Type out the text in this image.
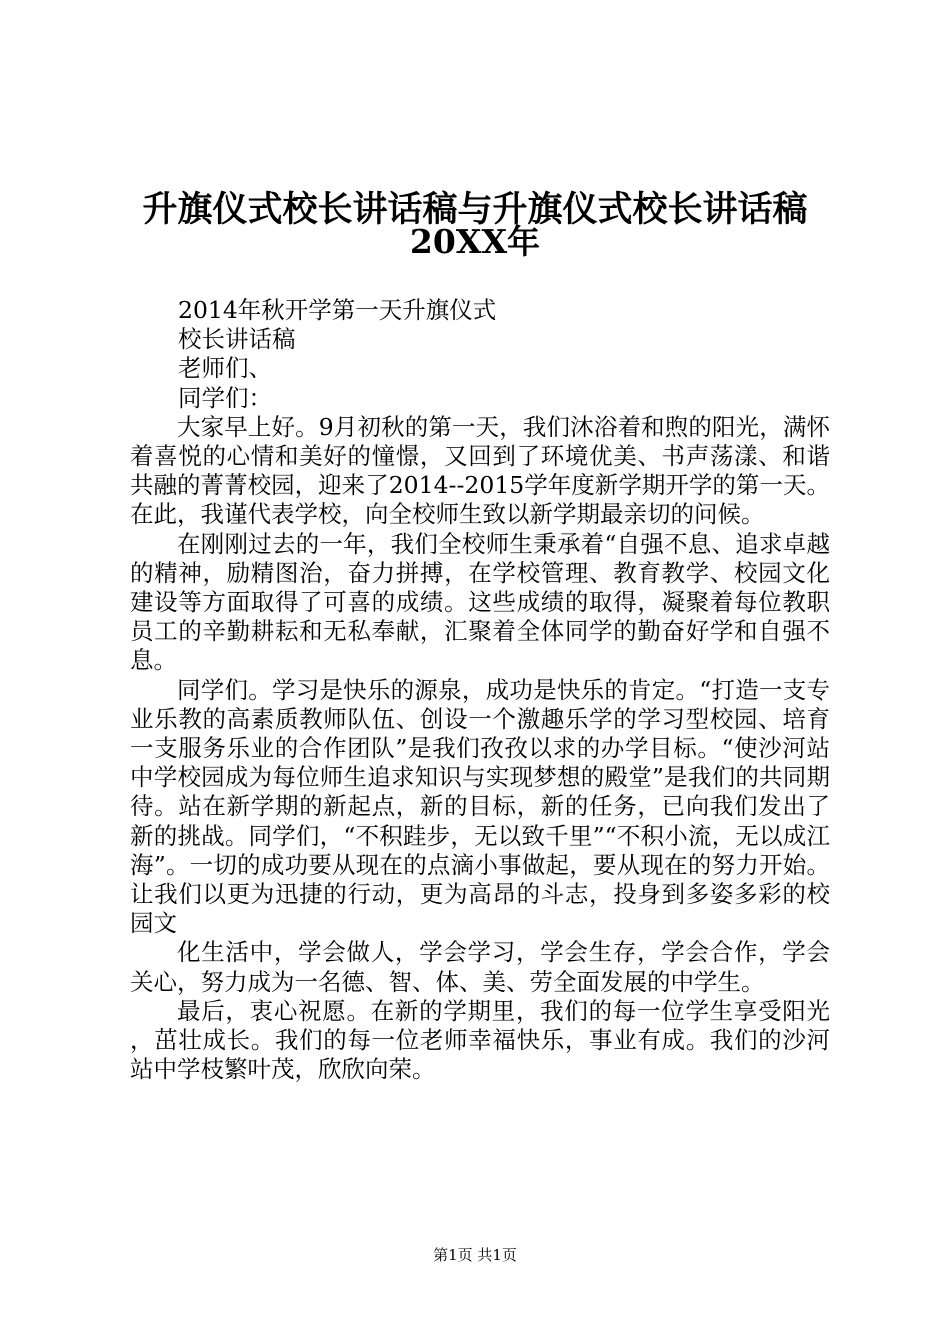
升旗仪式校长讲话稿与升旗仪式校长讲话稿
20XX年

2014年秋开学第一天升旗仪式

校长讲话稿

老师们、

同学们：

大家早上好。9月初秋的第一天，我们沐浴着和煦的阳光，满怀着喜悦的心情和美好的憧憬，又回到了环境优美、书声荡漾、和谐共融的菁菁校园，迎来了2014--2015学年度新学期开学的第一天。在此，我谨代表学校，向全校师生致以新学期最亲切的问候。

在刚刚过去的一年，我们全校师生秉承着“自强不息、追求卓越的精神，励精图治，奋力拼搏，在学校管理、教育教学、校园文化建设等方面取得了可喜的成绩。这些成绩的取得，凝聚着每位教职员工的辛勤耕耘和无私奉献，汇聚着全体同学的勤奋好学和自强不息。

同学们。学习是快乐的源泉，成功是快乐的肯定。“打造一支专业乐教的高素质教师队伍、创设一个激趣乐学的学习型校园、培育一支服务乐业的合作团队”是我们孜孜以求的办学目标。“使沙河站中学校园成为每位师生追求知识与实现梦想的殿堂”是我们的共同期待。站在新学期的新起点，新的目标，新的任务，已向我们发出了新的挑战。同学们，“不积跬步，无以致千里”“不积小流，无以成江海”。一切的成功要从现在的点滴小事做起，要从现在的努力开始。让我们以更为迅捷的行动，更为高昂的斗志，投身到多姿多彩的校园文

化生活中，学会做人，学会学习，学会生存，学会合作，学会关心，努力成为一名德、智、体、美、劳全面发展的中学生。

最后，衷心祝愿。在新的学期里，我们的每一位学生享受阳光，茁壮成长。我们的每一位老师幸福快乐，事业有成。我们的沙河站中学枝繁叶茂，欣欣向荣。

第1页 共1页
